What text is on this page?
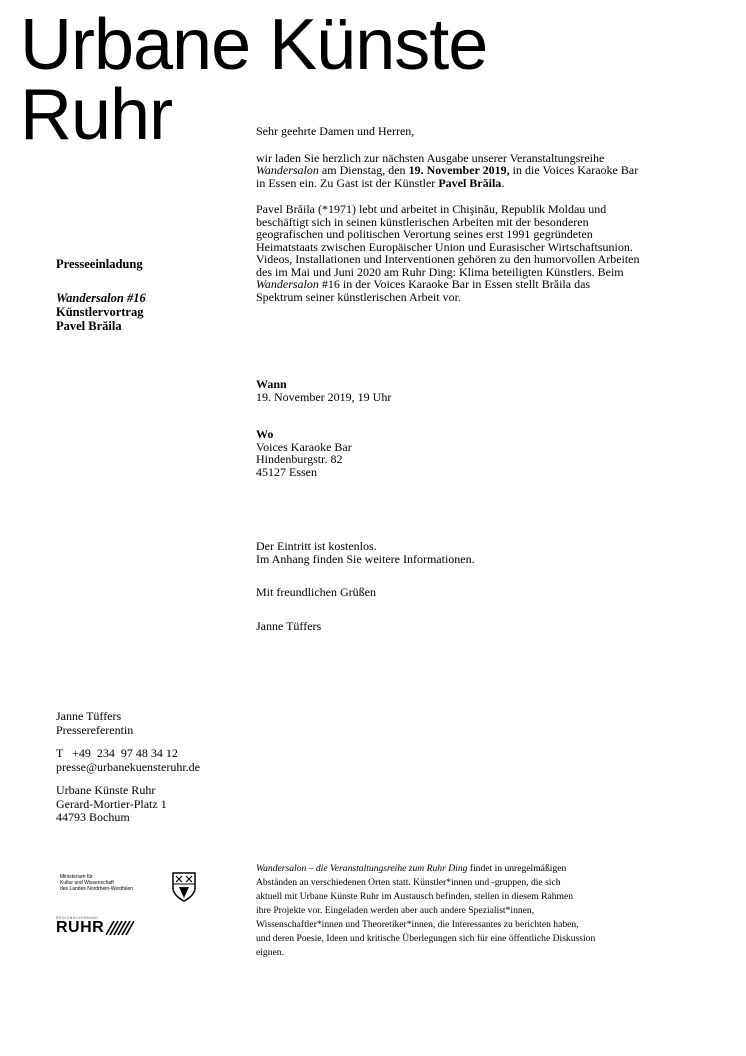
Urbane Künste
Ruhr
Presseeinladung
Wandersalon #16
Künstlervortrag
Pavel Brăila

Sehr geehrte Damen und Herren,

wir laden Sie herzlich zur nächsten Ausgabe unserer Veranstaltungsreihe
Wandersalon am Dienstag, den 19. November 2019, in die Voices Karaoke Bar
in Essen ein. Zu Gast ist der Künstler Pavel Brăila.

Pavel Brăila (*1971) lebt und arbeitet in Chişinău, Republik Moldau und
beschäftigt sich in seinen künstlerischen Arbeiten mit der besonderen
geografischen und politischen Verortung seines erst 1991 gegründeten
Heimatstaats zwischen Europäischer Union und Eurasischer Wirtschaftsunion.
Videos, Installationen und Interventionen gehören zu den humorvollen Arbeiten
des im Mai und Juni 2020 am Ruhr Ding: Klima beteiligten Künstlers. Beim
Wandersalon #16 in der Voices Karaoke Bar in Essen stellt Brăila das
Spektrum seiner künstlerischen Arbeit vor.

Wann
19. November 2019, 19 Uhr
Wo
Voices Karaoke Bar
Hindenburgstr. 82
45127 Essen
Der Eintritt ist kostenlos.
Im Anhang finden Sie weitere Informationen.
Mit freundlichen Grüßen
Janne Tüffers
Janne Tüffers
Pressereferentin
T   +49  234  97 48 34 12
presse@urbanekuensteruhr.de
Urbane Künste Ruhr
Gerard-Mortier-Platz 1
44793 Bochum
Ministerium für
Kultur und Wissenschaft
des Landes Nordrhein-Westfalen
REGIONALVERBAND
RUHR
Wandersalon – die Veranstaltungsreihe zum Ruhr Ding findet in unregelmäßigen
Abständen an verschiedenen Orten statt. Künstler*innen und -gruppen, die sich
aktuell mit Urbane Künste Ruhr im Austausch befinden, stellen in diesem Rahmen
ihre Projekte vor. Eingeladen werden aber auch andere Spezialist*innen,
Wissenschaftler*innen und Theoretiker*innen, die Interessantes zu berichten haben,
und deren Poesie, Ideen und kritische Überlegungen sich für eine öffentliche Diskussion
eignen.
